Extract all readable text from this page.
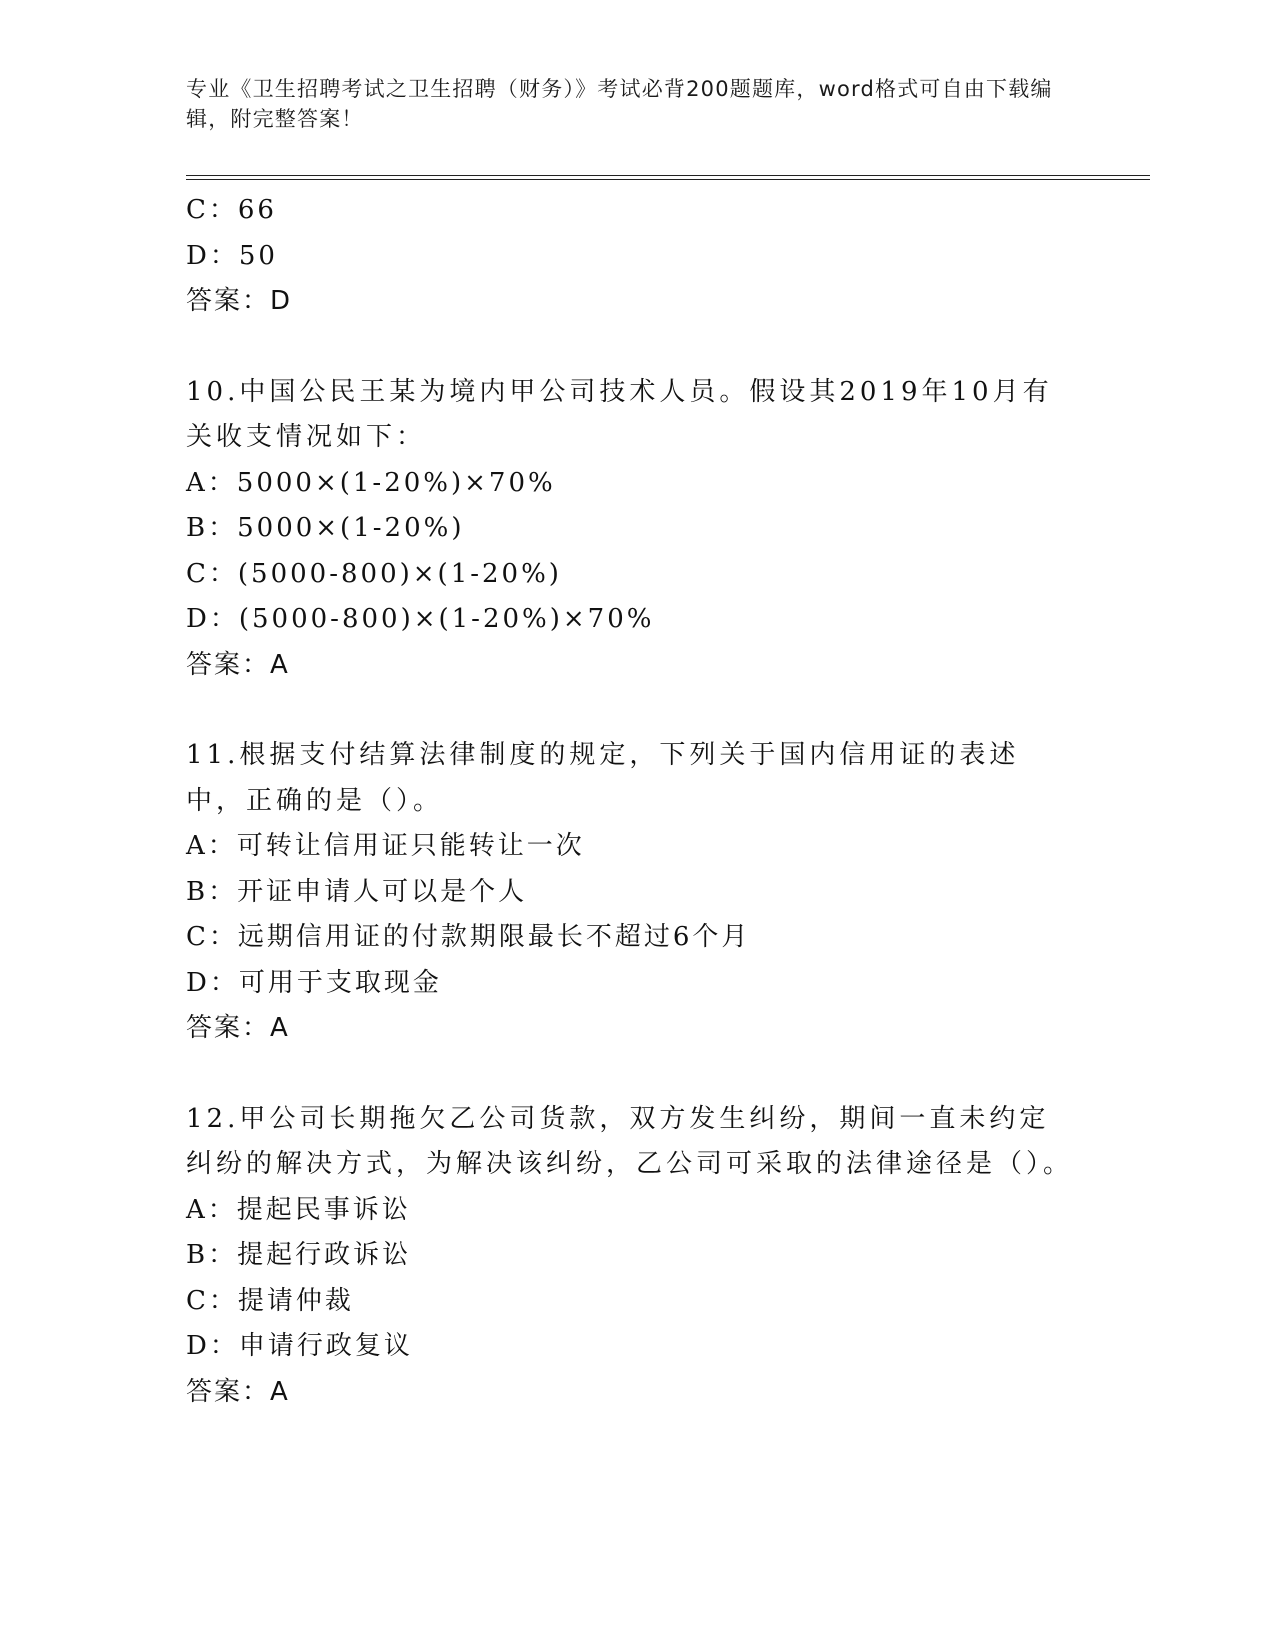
专业《卫生招聘考试之卫生招聘（财务）》考试必背200题题库，word格式可自由下载编辑，附完整答案！
C：66
D：50
答案：D
10.中国公民王某为境内甲公司技术人员。假设其2019年10月有关收支情况如下：
A：5000×(1-20%)×70%
B：5000×(1-20%)
C：(5000-800)×(1-20%)
D：(5000-800)×(1-20%)×70%
答案：A
11.根据支付结算法律制度的规定，下列关于国内信用证的表述中，正确的是（）。
A：可转让信用证只能转让一次
B：开证申请人可以是个人
C：远期信用证的付款期限最长不超过6个月
D：可用于支取现金
答案：A
12.甲公司长期拖欠乙公司货款，双方发生纠纷，期间一直未约定纠纷的解决方式，为解决该纠纷，乙公司可采取的法律途径是（）。
A：提起民事诉讼
B：提起行政诉讼
C：提请仲裁
D：申请行政复议
答案：A
